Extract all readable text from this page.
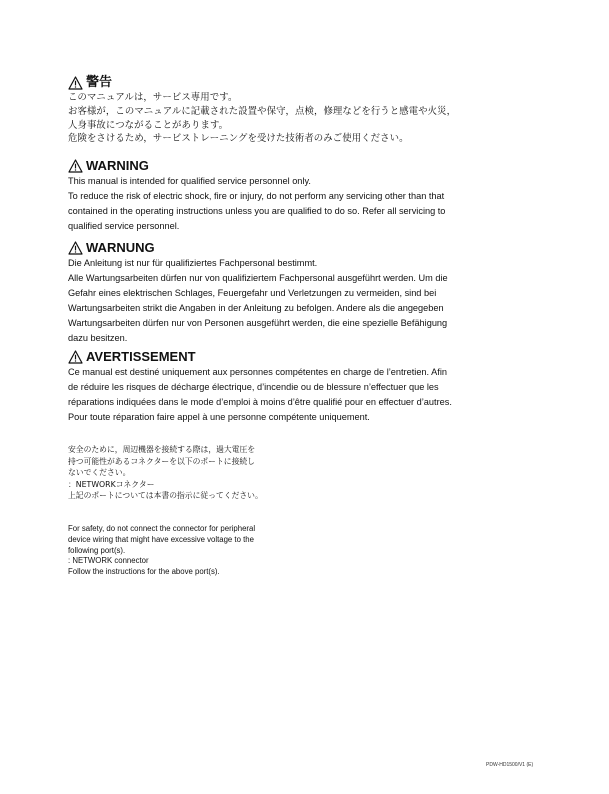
警告

このマニュアルは，サービス専用です。

お客様が，このマニュアルに記載された設置や保守，点検，修理などを行うと感電や火災，

人身事故につながることがあります。

危険をさけるため，サービストレーニングを受けた技術者のみご使用ください。

WARNING

This manual is intended for qualified service personnel only.

To reduce the risk of electric shock, fire or injury, do not perform any servicing other than that

contained in the operating instructions unless you are qualified to do so. Refer all servicing to

qualified service personnel.

WARNUNG

Die Anleitung ist nur für qualifiziertes Fachpersonal bestimmt.

Alle Wartungsarbeiten dürfen nur von qualifiziertem Fachpersonal ausgeführt werden. Um die

Gefahr eines elektrischen Schlages, Feuergefahr und Verletzungen zu vermeiden, sind bei

Wartungsarbeiten strikt die Angaben in der Anleitung zu befolgen. Andere als die angegeben

Wartungsarbeiten dürfen nur von Personen ausgeführt werden, die eine spezielle Befähigung

dazu besitzen.

AVERTISSEMENT

Ce manual est destiné uniquement aux personnes compétentes en charge de l’entretien. Afin

de réduire les risques de décharge électrique, d’incendie ou de blessure n’effectuer que les

réparations indiquées dans le mode d’emploi à moins d’être qualifié pour en effectuer d’autres.

Pour toute réparation faire appel à une personne compétente uniquement.

安全のために，周辺機器を接続する際は，過大電圧を

持つ可能性があるコネクターを以下のポートに接続し

ないでください。

：NETWORKコネクター

上記のポートについては本書の指示に従ってください。

For safety, do not connect the connector for peripheral

device wiring that might have excessive voltage to the

following port(s).

: NETWORK connector

Follow the instructions for the above port(s).

PDW-HD1500/V1 (E)
